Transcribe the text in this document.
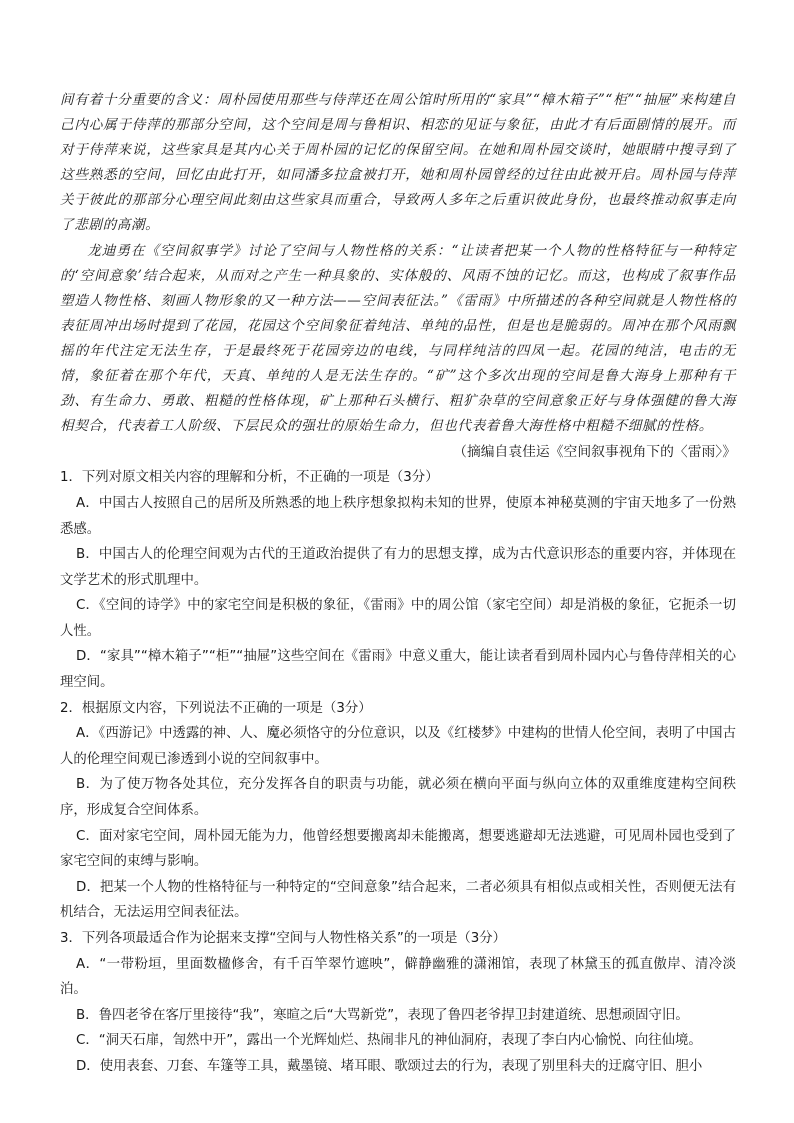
间有着十分重要的含义：周朴园使用那些与侍萍还在周公馆时所用的“家具”“樟木箱子”“柜”“抽屉”来构建自己内心属于侍萍的那部分空间，这个空间是周与鲁相识、相恋的见证与象征，由此才有后面剧情的展开。而对于侍萍来说，这些家具是其内心关于周朴园的记忆的保留空间。在她和周朴园交谈时，她眼睛中搜寻到了这些熟悉的空间，回忆由此打开，如同潘多拉盒被打开，她和周朴园曾经的过往由此被开启。周朴园与侍萍关于彼此的那部分心理空间此刻由这些家具而重合，导致两人多年之后重识彼此身份，也最终推动叙事走向了悲剧的高潮。

龙迪勇在《空间叙事学》讨论了空间与人物性格的关系：“让读者把某一个人物的性格特征与一种特定的‘空间意象’结合起来，从而对之产生一种具象的、实体般的、风雨不蚀的记忆。而这，也构成了叙事作品塑造人物性格、刻画人物形象的又一种方法——空间表征法。”《雷雨》中所描述的各种空间就是人物性格的表征周冲出场时提到了花园，花园这个空间象征着纯洁、单纯的品性，但是也是脆弱的。周冲在那个风雨飘摇的年代注定无法生存，于是最终死于花园旁边的电线，与同样纯洁的四凤一起。花园的纯洁，电击的无情，象征着在那个年代，天真、单纯的人是无法生存的。“矿”这个多次出现的空间是鲁大海身上那种有干劲、有生命力、勇敢、粗糙的性格体现，矿上那种石头横行、粗犷杂草的空间意象正好与身体强健的鲁大海相契合，代表着工人阶级、下层民众的强壮的原始生命力，但也代表着鲁大海性格中粗糙不细腻的性格。

（摘编自袁佳运《空间叙事视角下的〈雷雨〉》

1．下列对原文相关内容的理解和分析，不正确的一项是（3分）

A．中国古人按照自己的居所及所熟悉的地上秩序想象拟构未知的世界，使原本神秘莫测的宇宙天地多了一份熟悉感。

B．中国古人的伦理空间观为古代的王道政治提供了有力的思想支撑，成为古代意识形态的重要内容，并体现在文学艺术的形式肌理中。

C．《空间的诗学》中的家宅空间是积极的象征，《雷雨》中的周公馆（家宅空间）却是消极的象征，它扼杀一切人性。

D．“家具”“樟木箱子”“柜”“抽屉”这些空间在《雷雨》中意义重大，能让读者看到周朴园内心与鲁侍萍相关的心理空间。

2．根据原文内容，下列说法不正确的一项是（3分）

A．《西游记》中透露的神、人、魔必须恪守的分位意识，以及《红楼梦》中建构的世情人伦空间，表明了中国古人的伦理空间观已渗透到小说的空间叙事中。

B．为了使万物各处其位，充分发挥各自的职责与功能，就必须在横向平面与纵向立体的双重维度建构空间秩序，形成复合空间体系。

C．面对家宅空间，周朴园无能为力，他曾经想要搬离却未能搬离，想要逃避却无法逃避，可见周朴园也受到了家宅空间的束缚与影响。

D．把某一个人物的性格特征与一种特定的“空间意象”结合起来，二者必须具有相似点或相关性，否则便无法有机结合，无法运用空间表征法。

3．下列各项最适合作为论据来支撑“空间与人物性格关系”的一项是（3分）

A．“一带粉垣，里面数楹修舍，有千百竿翠竹遮映”，僻静幽雅的潇湘馆，表现了林黛玉的孤直傲岸、清冷淡泊。

B．鲁四老爷在客厅里接待“我”，寒暄之后“大骂新党”，表现了鲁四老爷捍卫封建道统、思想顽固守旧。

C．“洞天石扉，訇然中开”，露出一个光辉灿烂、热闹非凡的神仙洞府，表现了李白内心愉悦、向往仙境。

D．使用表套、刀套、车篷等工具，戴墨镜、堵耳眼、歌颂过去的行为，表现了别里科夫的迂腐守旧、胆小
